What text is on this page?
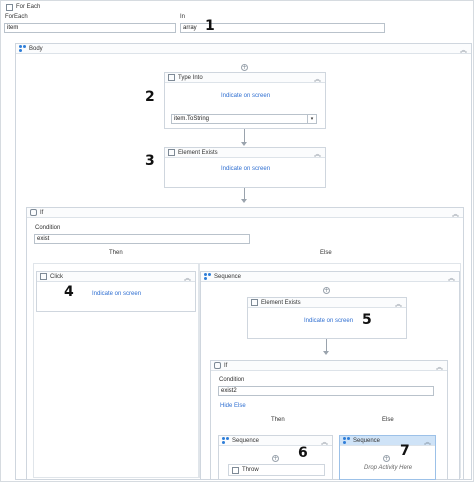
For Each
ForEach
item
In
array 1
Body	︽
+
Type Into	︽
Indicate on screen
item.ToString	▾
2
Element Exists	︽
Indicate on screen
3
If	︽
Condition
exist
Then	Else
Click	︽
Indicate on screen
4
Sequence	︽
+
Element Exists	︽
Indicate on screen 5
If	︽
Condition
exist2
Hide Else
Then	Else
Sequence	︽
+
Throw
6
Sequence	︽
+
Drop Activity Here
7
